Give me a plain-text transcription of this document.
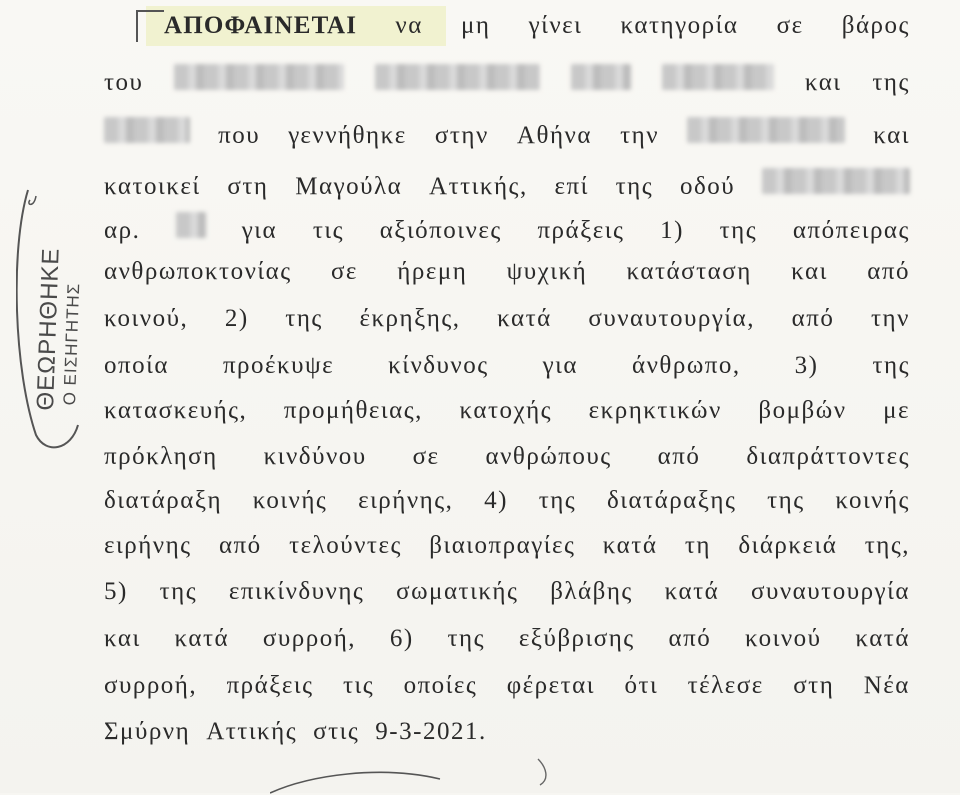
ΑΠΟΦΑΙΝΕΤΑΙ να μη γίνει κατηγορία σε βάρος
του	και της
που γεννήθηκε στην Αθήνα την	και
κατοικεί στη Μαγούλα Αττικής, επί της οδού
αρ.	για τις αξιόποινες πράξεις 1) της απόπειρας
ανθρωποκτονίας σε ήρεμη ψυχική κατάσταση και από
κοινού, 2) της έκρηξης, κατά συναυτουργία, από την
οποία προέκυψε κίνδυνος για άνθρωπο, 3) της
κατασκευής, προμήθειας, κατοχής εκρηκτικών βομβών με
πρόκληση κινδύνου σε ανθρώπους από διαπράττοντες
διατάραξη κοινής ειρήνης, 4) της διατάραξης της κοινής
ειρήνης από τελούντες βιαιοπραγίες κατά τη διάρκειά της,
5) της επικίνδυνης σωματικής βλάβης κατά συναυτουργία
και κατά συρροή, 6) της εξύβρισης από κοινού κατά
συρροή, πράξεις τις οποίες φέρεται ότι τέλεσε στη Νέα
Σμύρνη Αττικής στις 9-3-2021.
ΘΕΩΡΗΘΗΚΕ
Ο ΕΙΣΗΓΗΤΗΣ
